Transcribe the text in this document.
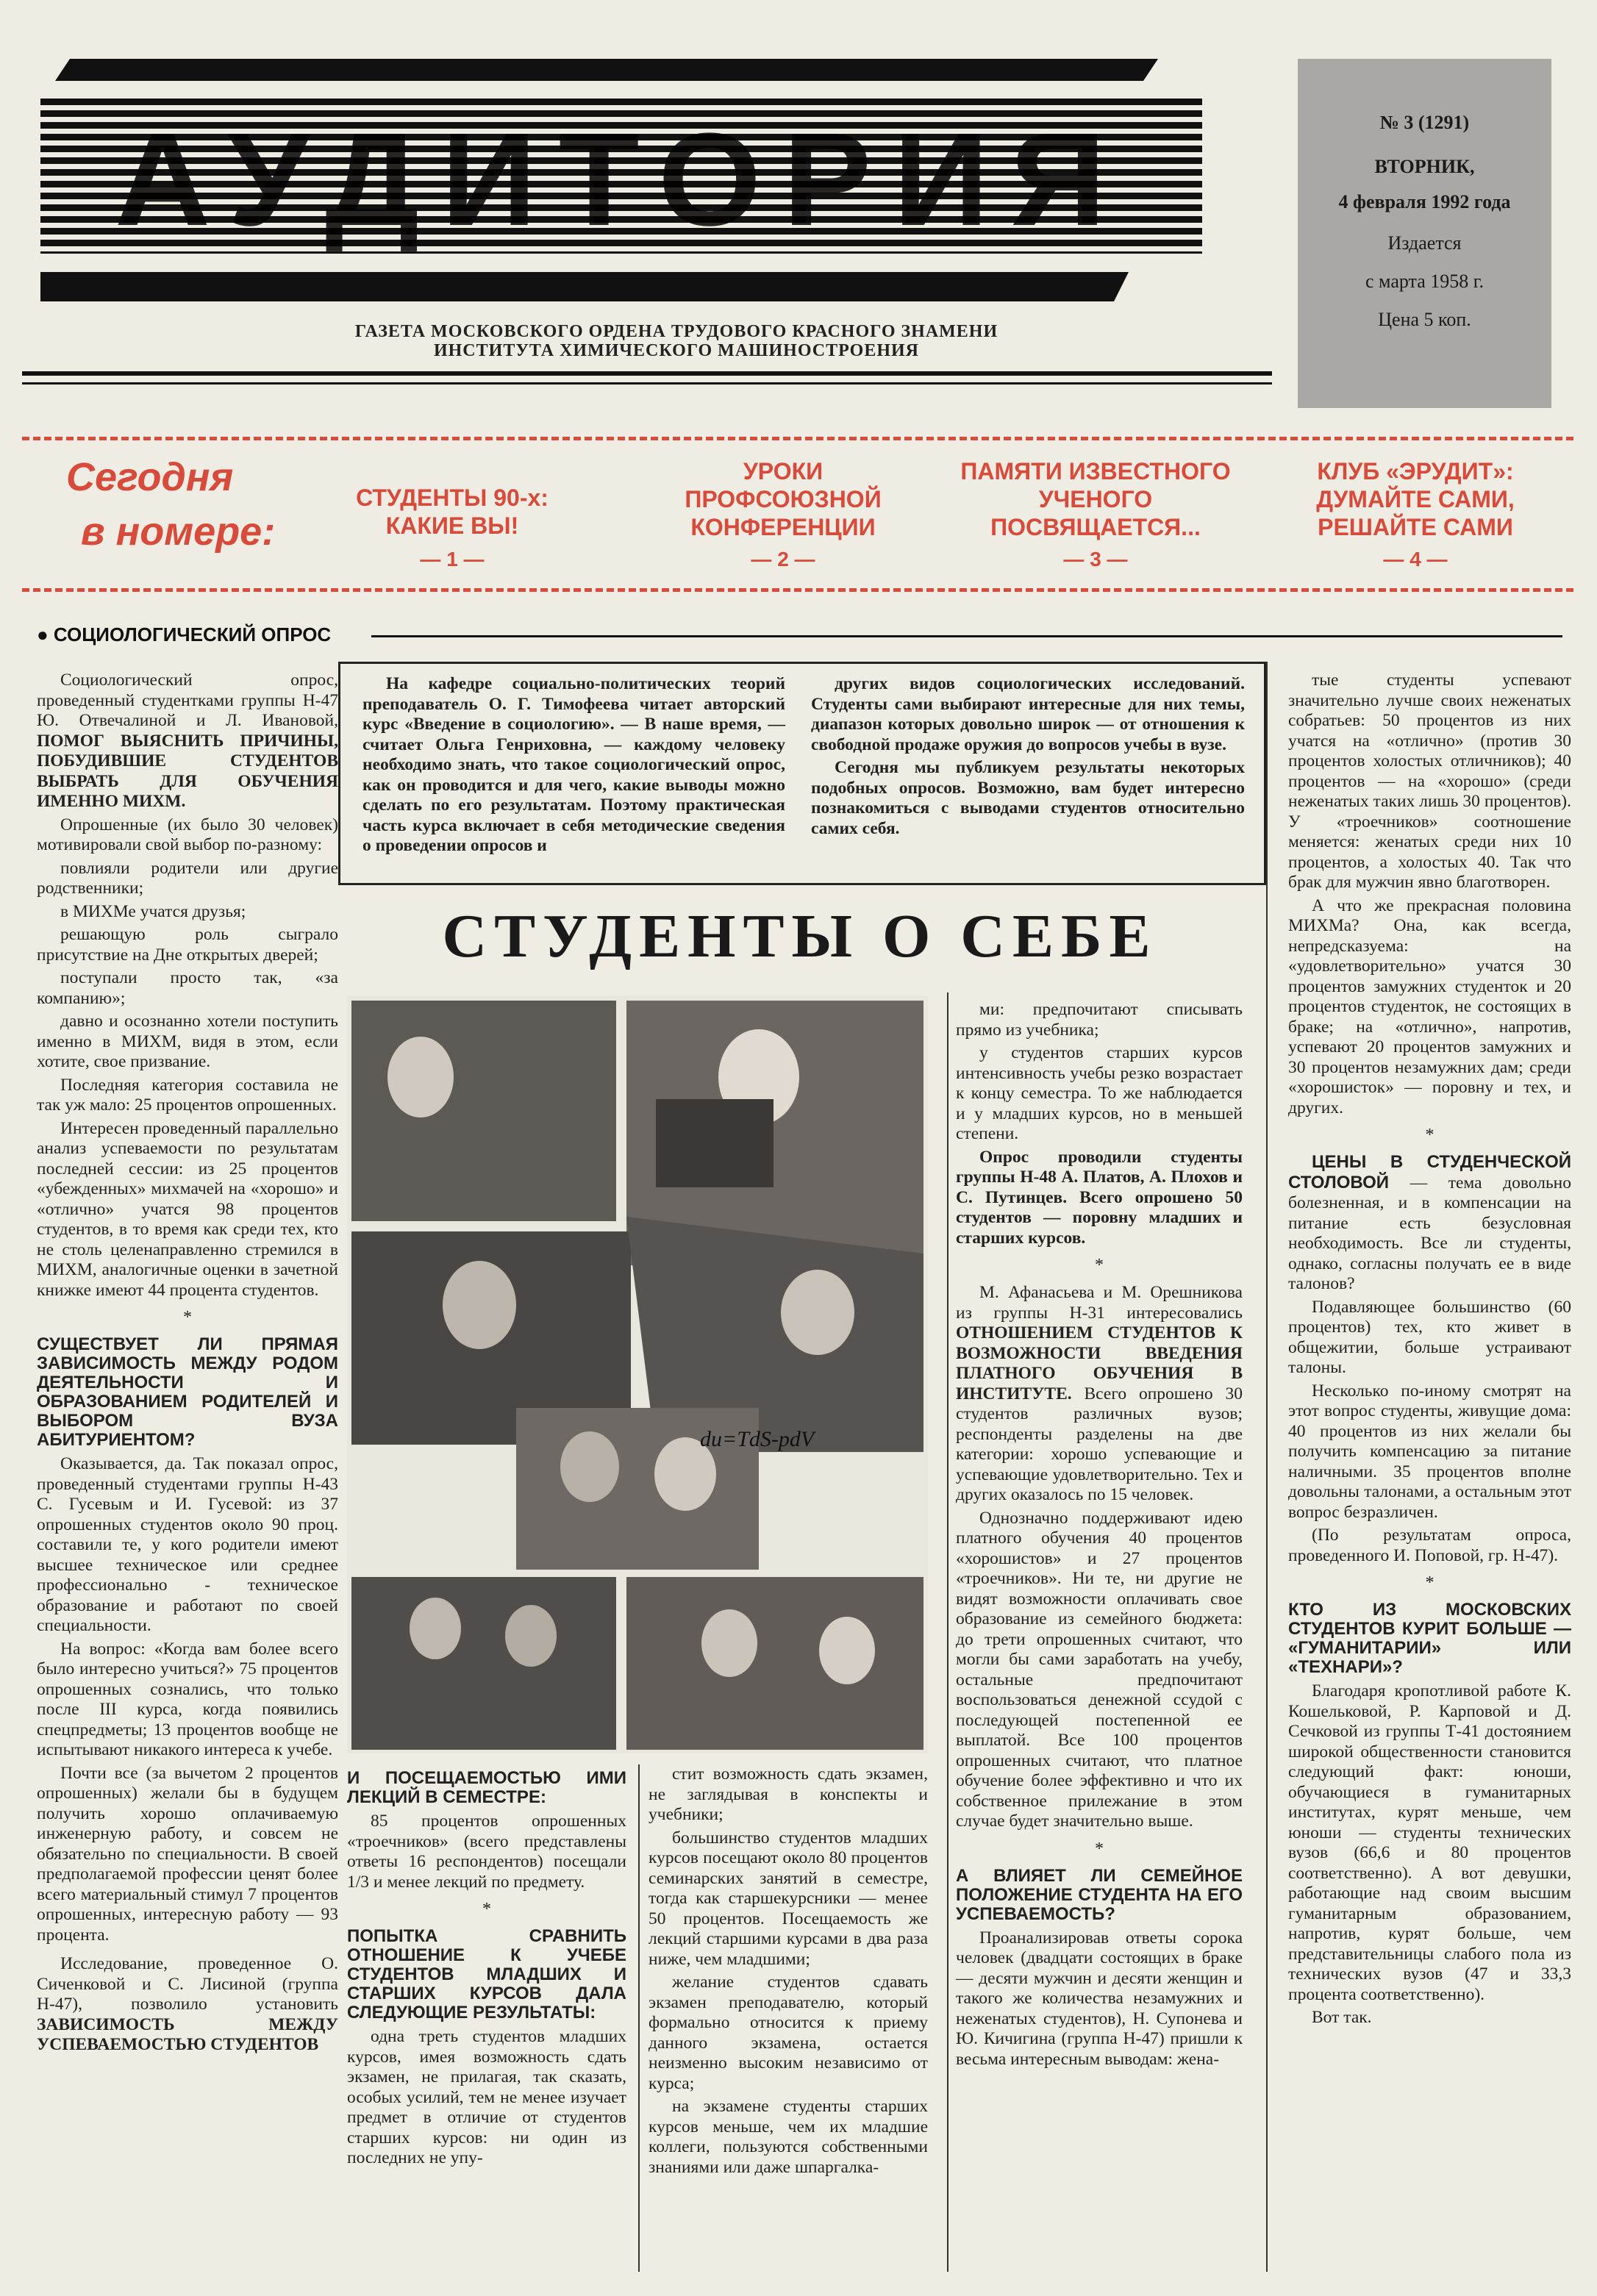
ГАЗЕТА МОСКОВСКОГО ОРДЕНА ТРУДОВОГО КРАСНОГО ЗНАМЕНИ
ИНСТИТУТА ХИМИЧЕСКОГО МАШИНОСТРОЕНИЯ
№ 3 (1291)
ВТОРНИК,
4 февраля 1992 года
Издается
с марта 1958 г.
Цена 5 коп.
Сегодня
в номере:
СТУДЕНТЫ 90-х:
КАКИЕ ВЫ!
— 1 —
УРОКИ
ПРОФСОЮЗНОЙ
КОНФЕРЕНЦИИ
— 2 —
ПАМЯТИ ИЗВЕСТНОГО
УЧЕНОГО
ПОСВЯЩАЕТСЯ...
— 3 —
КЛУБ «ЭРУДИТ»:
ДУМАЙТЕ САМИ,
РЕШАЙТЕ САМИ
— 4 —
● СОЦИОЛОГИЧЕСКИЙ ОПРОС

Социологический опрос, проведенный студентками группы Н-47 Ю. Отвечалиной и Л. Ивановой, ПОМОГ ВЫЯСНИТЬ ПРИЧИНЫ, ПОБУДИВШИЕ СТУДЕНТОВ ВЫБРАТЬ ДЛЯ ОБУЧЕНИЯ ИМЕННО МИХМ.

Опрошенные (их было 30 человек) мотивировали свой выбор по-разному:

повлияли родители или другие родственники;

в МИХМе учатся друзья;

решающую роль сыграло присутствие на Дне открытых дверей;

поступали просто так, «за компанию»;

давно и осознанно хотели поступить именно в МИХМ, видя в этом, если хотите, свое призвание.

Последняя категория составила не так уж мало: 25 процентов опрошенных.

Интересен проведенный параллельно анализ успеваемости по результатам последней сессии: из 25 процентов «убежденных» михмачей на «хорошо» и «отлично» учатся 98 процентов студентов, в то время как среди тех, кто не столь целенаправленно стремился в МИХМ, аналогичные оценки в зачетной книжке имеют 44 процента студентов.

*
СУЩЕСТВУЕТ ЛИ ПРЯМАЯ ЗАВИСИМОСТЬ МЕЖДУ РОДОМ ДЕЯТЕЛЬНОСТИ И ОБРАЗОВАНИЕМ РОДИТЕЛЕЙ И ВЫБОРОМ ВУЗА АБИТУРИЕНТОМ?

Оказывается, да. Так показал опрос, проведенный студентами группы Н-43 С. Гусевым и И. Гусевой: из 37 опрошенных студентов около 90 проц. составили те, у кого родители имеют высшее техническое или среднее профессионально - техническое образование и работают по своей специальности.

На вопрос: «Когда вам более всего было интересно учиться?» 75 процентов опрошенных сознались, что только после III курса, когда появились спецпредметы; 13 процентов вообще не испытывают никакого интереса к учебе.

Почти все (за вычетом 2 процентов опрошенных) желали бы в будущем получить хорошо оплачиваемую инженерную работу, и совсем не обязательно по специальности. В своей предполагаемой профессии ценят более всего материальный стимул 7 процентов опрошенных, интересную работу — 93 процента.

Исследование, проведенное О. Сиченковой и С. Лисиной (группа Н-47), позволило установить ЗАВИСИМОСТЬ МЕЖДУ УСПЕВАЕМОСТЬЮ СТУДЕНТОВ

На кафедре социально-политических теорий преподаватель О. Г. Тимофеева читает авторский курс «Введение в социологию». — В наше время, — считает Ольга Генриховна, — каждому человеку необходимо знать, что такое социологический опрос, как он проводится и для чего, какие выводы можно сделать по его результатам. Поэтому практическая часть курса включает в себя методические сведения о проведении опросов и

других видов социологических исследований. Студенты сами выбирают интересные для них темы, диапазон которых довольно широк — от отношения к свободной продаже оружия до вопросов учебы в вузе.

Сегодня мы публикуем результаты некоторых подобных опросов. Возможно, вам будет интересно познакомиться с выводами студентов относительно самих себя.

СТУДЕНТЫ О СЕБЕ
du=TdS-pdV
И ПОСЕЩАЕМОСТЬЮ ИМИ ЛЕКЦИЙ В СЕМЕСТРЕ:

85 процентов опрошенных «троечников» (всего представлены ответы 16 респондентов) посещали 1/3 и менее лекций по предмету.

*
ПОПЫТКА СРАВНИТЬ ОТНОШЕНИЕ К УЧЕБЕ СТУДЕНТОВ МЛАДШИХ И СТАРШИХ КУРСОВ ДАЛА СЛЕДУЮЩИЕ РЕЗУЛЬТАТЫ:

одна треть студентов младших курсов, имея возможность сдать экзамен, не прилагая, так сказать, особых усилий, тем не менее изучает предмет в отличие от студентов старших курсов: ни один из последних не упу-

стит возможность сдать экзамен, не заглядывая в конспекты и учебники;

большинство студентов младших курсов посещают около 80 процентов семинарских занятий в семестре, тогда как старшекурсники — менее 50 процентов. Посещаемость же лекций старшими курсами в два раза ниже, чем младшими;

желание студентов сдавать экзамен преподавателю, который формально относится к приему данного экзамена, остается неизменно высоким независимо от курса;

на экзамене студенты старших курсов меньше, чем их младшие коллеги, пользуются собственными знаниями или даже шпаргалка-

ми: предпочитают списывать прямо из учебника;

у студентов старших курсов интенсивность учебы резко возрастает к концу семестра. То же наблюдается и у младших курсов, но в меньшей степени.

Опрос проводили студенты группы Н-48 А. Платов, А. Плохов и С. Путинцев. Всего опрошено 50 студентов — поровну младших и старших курсов.

*

М. Афанасьева и М. Орешникова из группы Н-31 интересовались ОТНОШЕНИЕМ СТУДЕНТОВ К ВОЗМОЖНОСТИ ВВЕДЕНИЯ ПЛАТНОГО ОБУЧЕНИЯ В ИНСТИТУТЕ. Всего опрошено 30 студентов различных вузов; респонденты разделены на две категории: хорошо успевающие и успевающие удовлетворительно. Тех и других оказалось по 15 человек.

Однозначно поддерживают идею платного обучения 40 процентов «хорошистов» и 27 процентов «троечников». Ни те, ни другие не видят возможности оплачивать свое образование из семейного бюджета: до трети опрошенных считают, что могли бы сами заработать на учебу, остальные предпочитают воспользоваться денежной ссудой с последующей постепенной ее выплатой. Все 100 процентов опрошенных считают, что платное обучение более эффективно и что их собственное прилежание в этом случае будет значительно выше.

*
А ВЛИЯЕТ ЛИ СЕМЕЙНОЕ ПОЛОЖЕНИЕ СТУДЕНТА НА ЕГО УСПЕВАЕМОСТЬ?

Проанализировав ответы сорока человек (двадцати состоящих в браке — десяти мужчин и десяти женщин и такого же количества незамужних и неженатых студентов), Н. Супонева и Ю. Кичигина (группа Н-47) пришли к весьма интересным выводам: жена-

тые студенты успевают значительно лучше своих неженатых собратьев: 50 процентов из них учатся на «отлично» (против 30 процентов холостых отличников); 40 процентов — на «хорошо» (среди неженатых таких лишь 30 процентов). У «троечников» соотношение меняется: женатых среди них 10 процентов, а холостых 40. Так что брак для мужчин явно благотворен.

А что же прекрасная половина МИХМа? Она, как всегда, непредсказуема: на «удовлетворительно» учатся 30 процентов замужних студенток и 20 процентов студенток, не состоящих в браке; на «отлично», напротив, успевают 20 процентов замужних и 30 процентов незамужних дам; среди «хорошисток» — поровну и тех, и других.

*

ЦЕНЫ В СТУДЕНЧЕСКОЙ СТОЛОВОЙ — тема довольно болезненная, и в компенсации на питание есть безусловная необходимость. Все ли студенты, однако, согласны получать ее в виде талонов?

Подавляющее большинство (60 процентов) тех, кто живет в общежитии, больше устраивают талоны.

Несколько по-иному смотрят на этот вопрос студенты, живущие дома: 40 процентов из них желали бы получить компенсацию за питание наличными. 35 процентов вполне довольны талонами, а остальным этот вопрос безразличен.

(По результатам опроса, проведенного И. Поповой, гр. Н-47).

*
КТО ИЗ МОСКОВСКИХ СТУДЕНТОВ КУРИТ БОЛЬШЕ — «ГУМАНИТАРИИ» ИЛИ «ТЕХНАРИ»?

Благодаря кропотливой работе К. Кошельковой, Р. Карповой и Д. Сечковой из группы Т-41 достоянием широкой общественности становится следующий факт: юноши, обучающиеся в гуманитарных институтах, курят меньше, чем юноши — студенты технических вузов (66,6 и 80 процентов соответственно). А вот девушки, работающие над своим высшим гуманитарным образованием, напротив, курят больше, чем представительницы слабого пола из технических вузов (47 и 33,3 процента соответственно).

Вот так.

АУДИТОРИЯ
